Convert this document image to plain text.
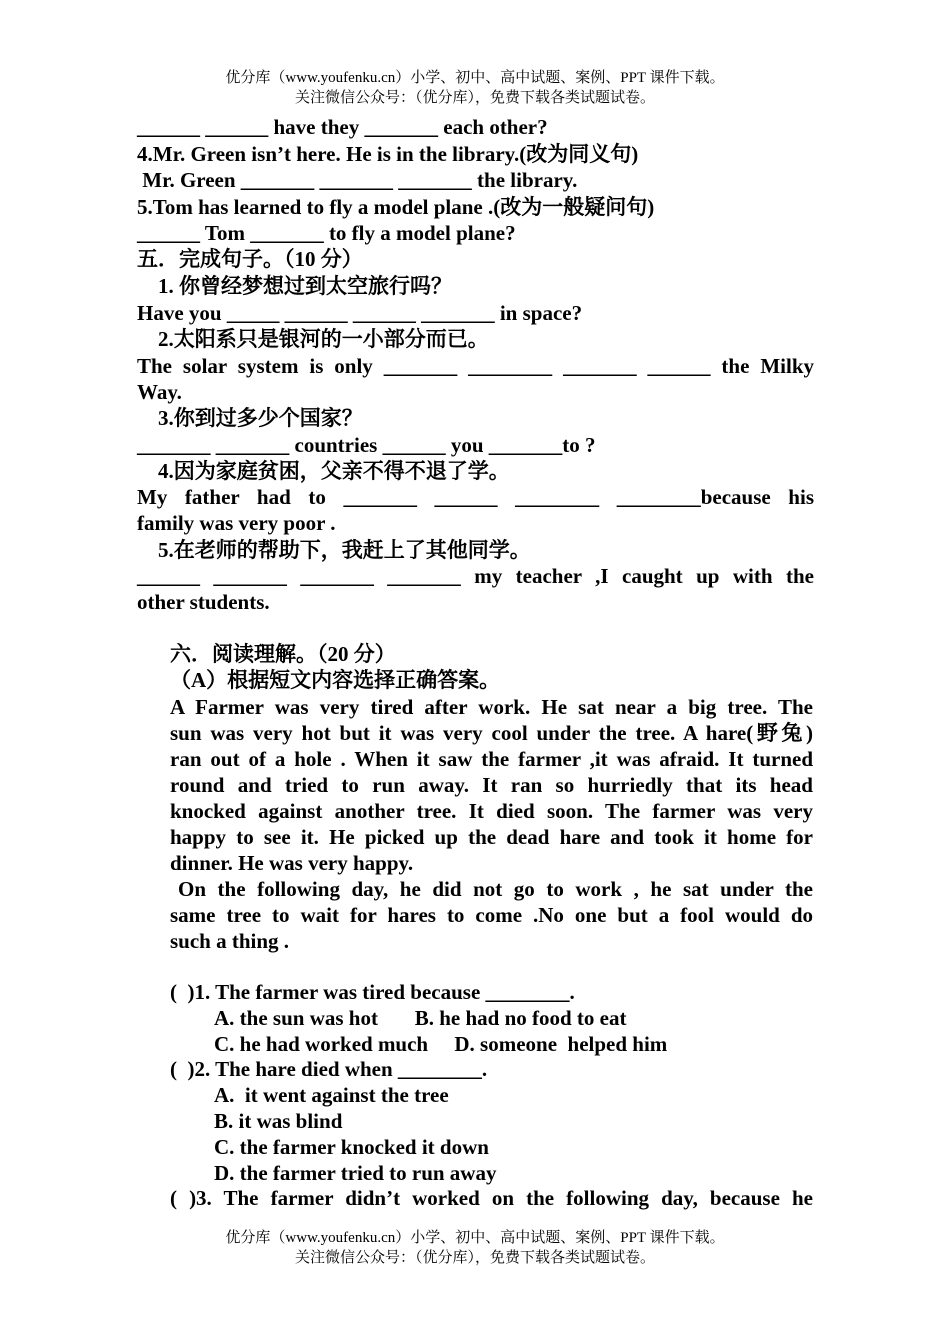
优分库（www.youfenku.cn）小学、初中、高中试题、案例、PPT 课件下载。
关注微信公众号：（优分库），免费下载各类试题试卷。
______ ______ have they _______ each other?
4.Mr. Green isn’t here. He is in the library.(改为同义句)
Mr. Green _______ _______ _______ the library.
5.Tom has learned to fly a model plane .(改为一般疑问句)
______ Tom _______ to fly a model plane?
五．完成句子。（10 分）
1. 你曾经梦想过到太空旅行吗？
Have you _____ ______ ______ _______ in space?
2.太阳系只是银河的一小部分而已。
The solar system is only _______ ________ _______ ______ the Milky
Way.
3.你到过多少个国家？
_______ _______ countries ______ you _______to ?
4.因为家庭贫困，父亲不得不退了学。
My father had to _______ ______ ________ ________because his
family was very poor .
5.在老师的帮助下，我赶上了其他同学。
______ _______ _______ _______ my teacher ,I caught up with the
other students.
六．阅读理解。（20 分）
（A）根据短文内容选择正确答案。
A Farmer was very tired after work. He sat near a big tree. The
sun was very hot but it was very cool under the tree. A hare(野兔)
ran out of a hole . When it saw the farmer ,it was afraid. It turned
round and tried to run away. It ran so hurriedly that its head
knocked against another tree. It died soon. The farmer was very
happy to see it. He picked up the dead hare and took it home for
dinner. He was very happy.
On the following day, he did not go to work , he sat under the
same tree to wait for hares to come .No one but a fool would do
such a thing .
(  )1. The farmer was tired because ________.
A. the sun was hot       B. he had no food to eat
C. he had worked much     D. someone  helped him
(  )2. The hare died when ________.
A.  it went against the tree
B. it was blind
C. the farmer knocked it down
D. the farmer tried to run away
( )3. The farmer didn’t worked on the following day, because he
优分库（www.youfenku.cn）小学、初中、高中试题、案例、PPT 课件下载。
关注微信公众号：（优分库），免费下载各类试题试卷。
